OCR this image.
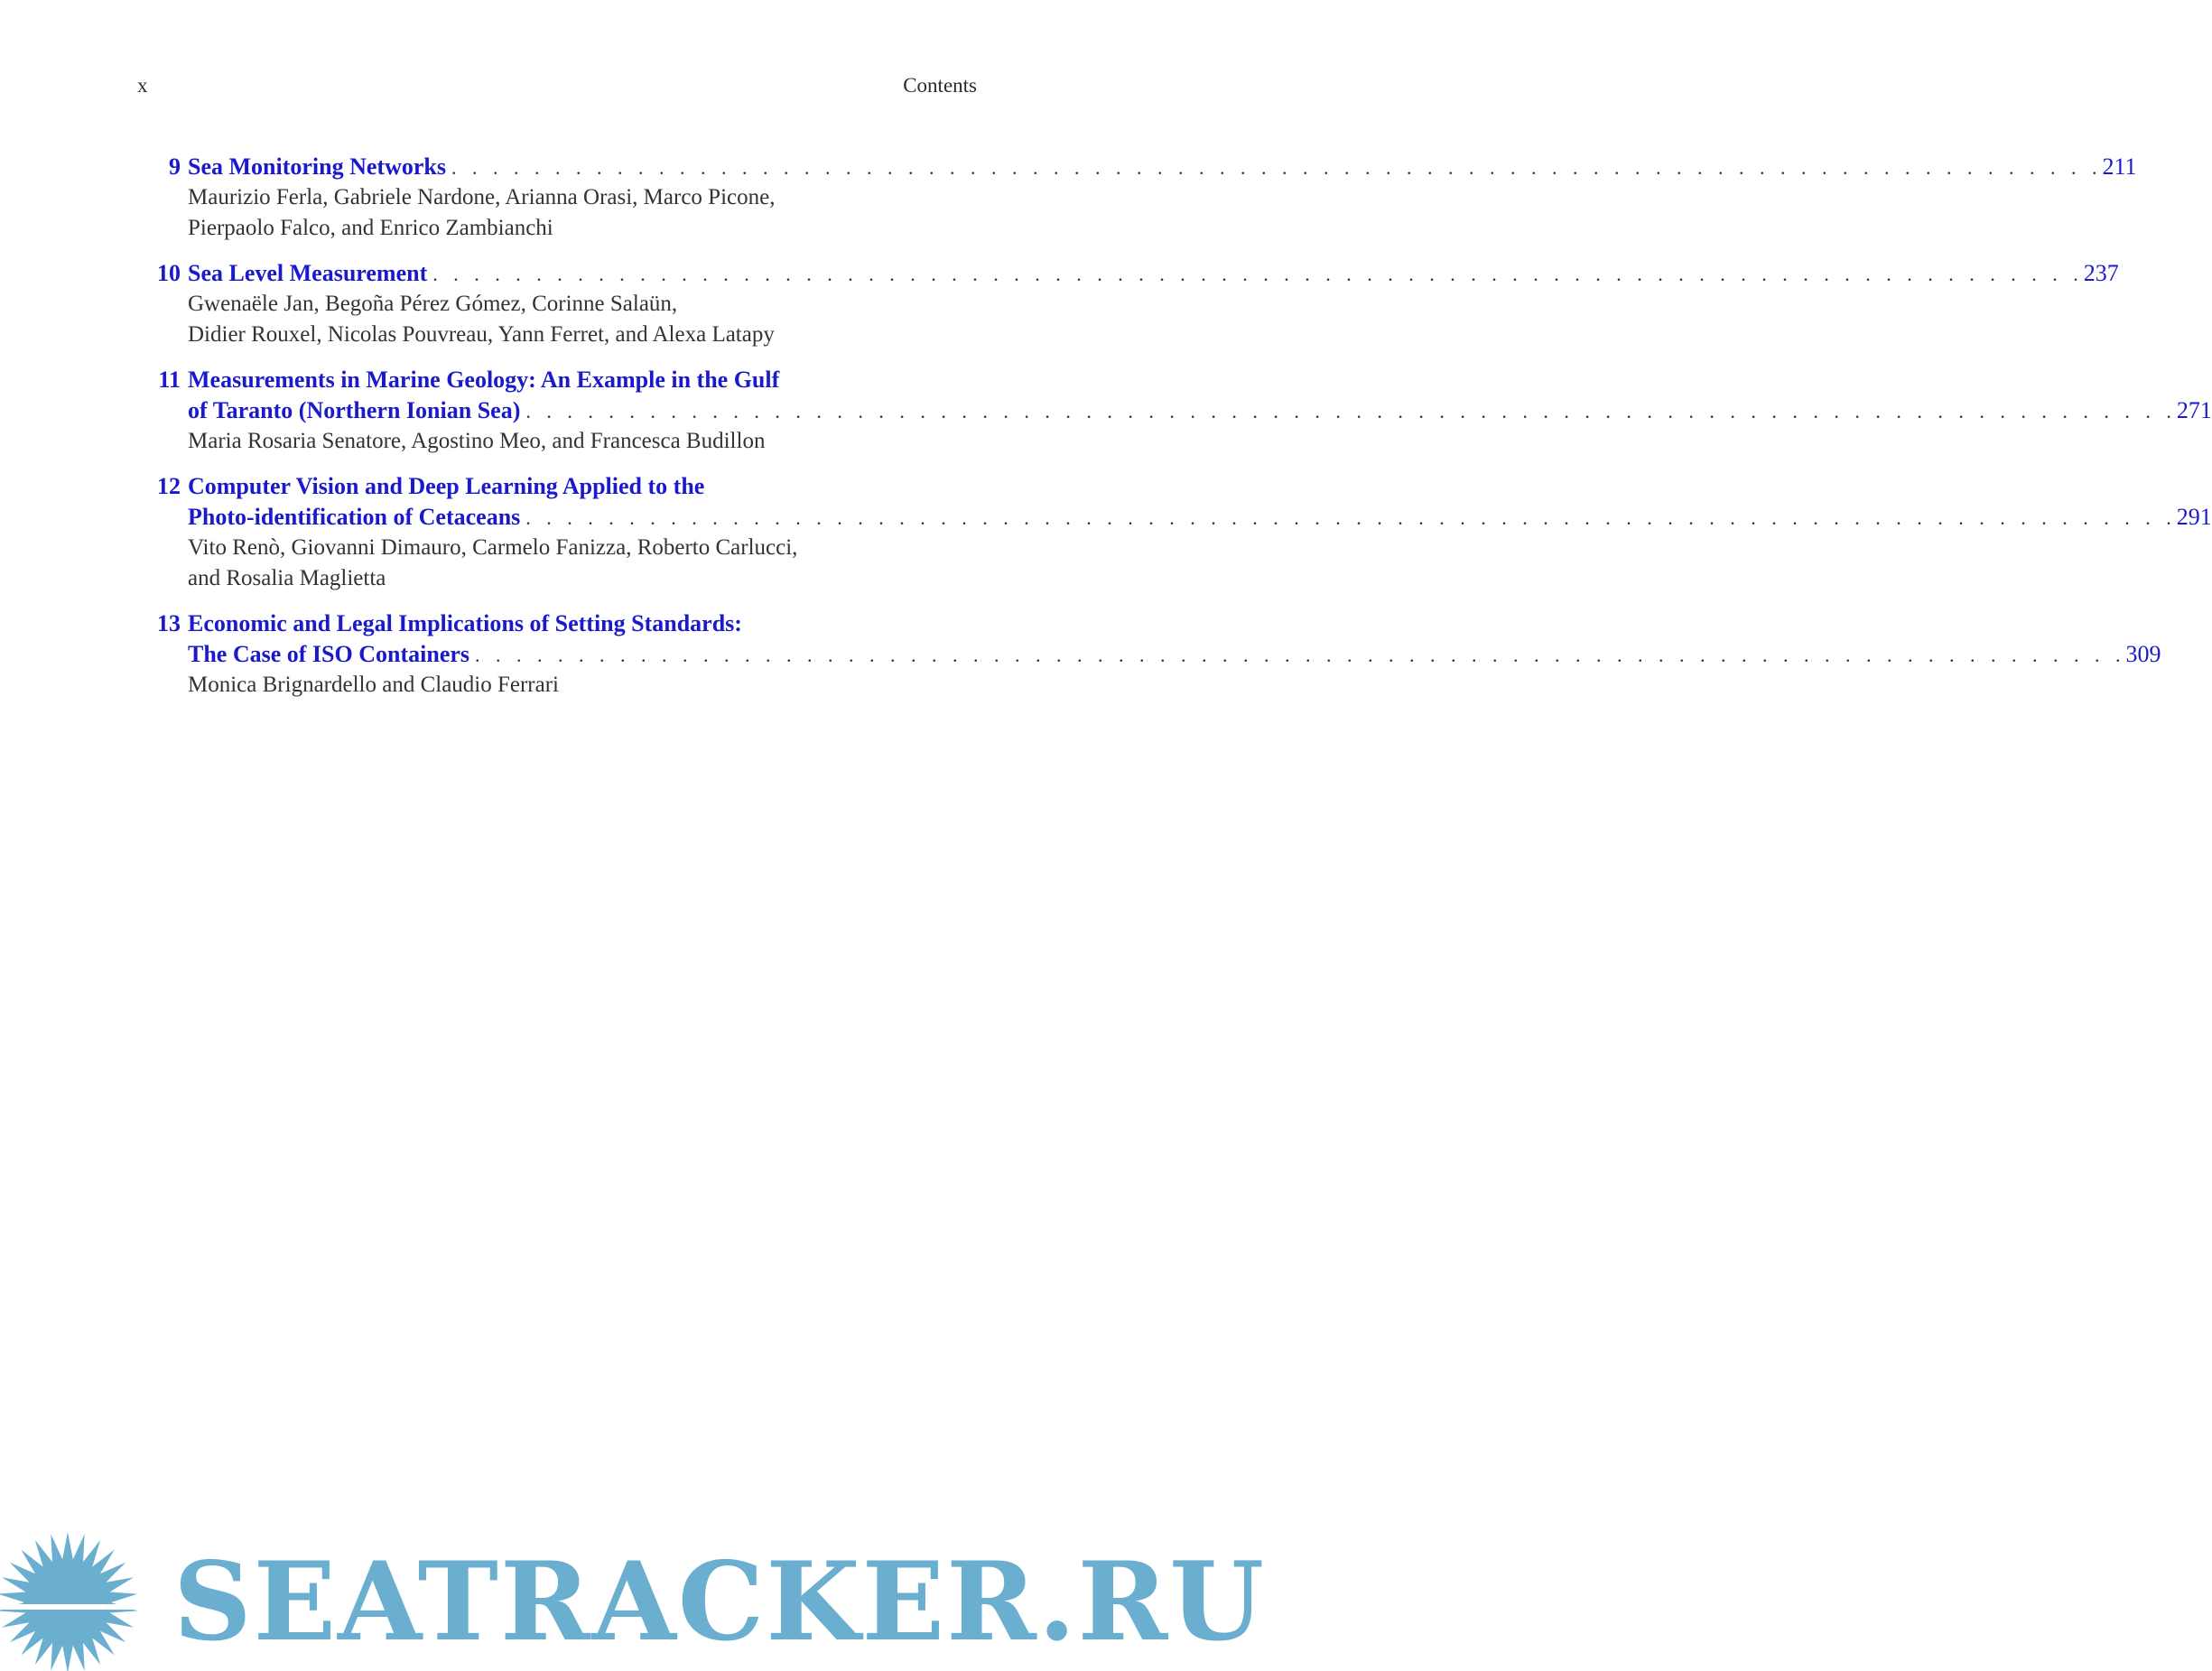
x	Contents
9 Sea Monitoring Networks . . .	211
Maurizio Ferla, Gabriele Nardone, Arianna Orasi, Marco Picone,
Pierpaolo Falco, and Enrico Zambianchi
10 Sea Level Measurement . . .	237
Gwenaële Jan, Begoña Pérez Gómez, Corinne Salaün,
Didier Rouxel, Nicolas Pouvreau, Yann Ferret, and Alexa Latapy
11 Measurements in Marine Geology: An Example in the Gulf
of Taranto (Northern Ionian Sea) . . .	271
Maria Rosaria Senatore, Agostino Meo, and Francesca Budillon
12 Computer Vision and Deep Learning Applied to the
Photo-identification of Cetaceans . . .	291
Vito Renò, Giovanni Dimauro, Carmelo Fanizza, Roberto Carlucci,
and Rosalia Maglietta
13 Economic and Legal Implications of Setting Standards:
The Case of ISO Containers . . .	309
Monica Brignardello and Claudio Ferrari
SEATRACKER.RU
